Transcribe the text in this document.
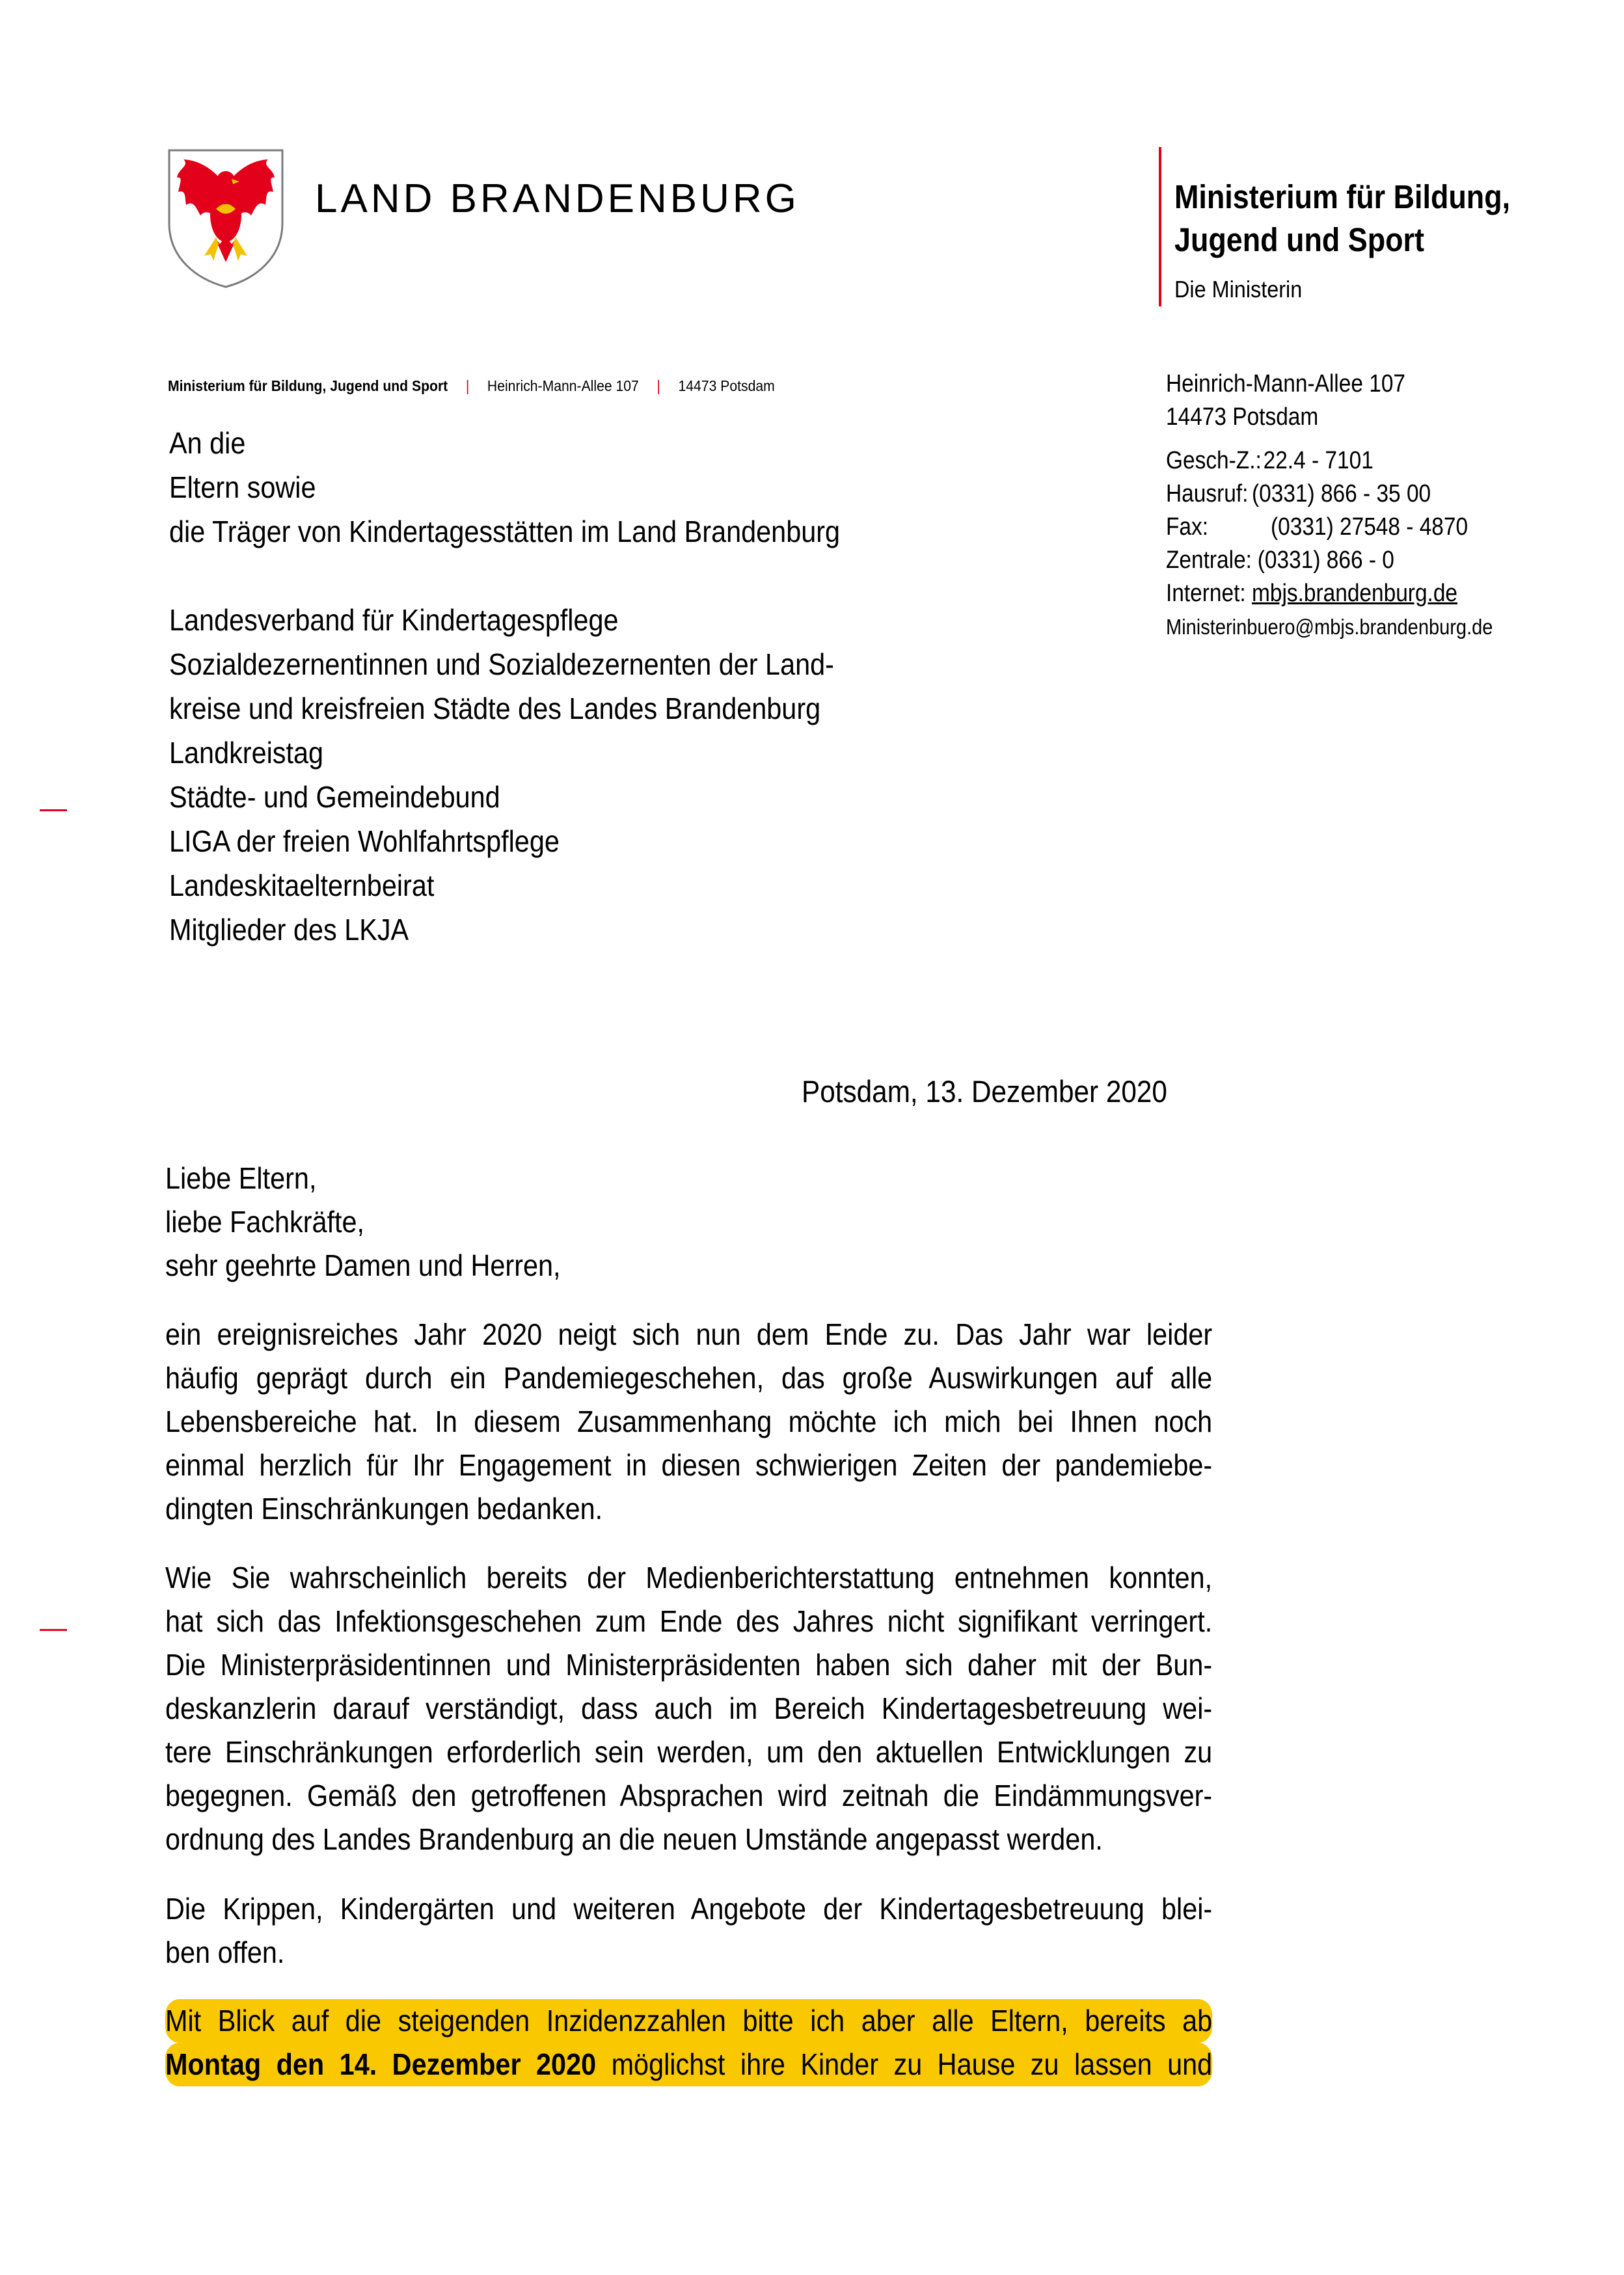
LAND BRANDENBURG	Ministerium für Bildung,
Jugend und Sport
Die Ministerin
Ministerium für Bildung, Jugend und Sport | Heinrich-Mann-Allee 107 | 14473 Potsdam
An die
Eltern sowie
die Träger von Kindertagesstätten im Land Brandenburg
Landesverband für Kindertagespflege
Sozialdezernentinnen und Sozialdezernenten der Land-
kreise und kreisfreien Städte des Landes Brandenburg
Landkreistag
Städte- und Gemeindebund
LIGA der freien Wohlfahrtspflege
Landeskitaelternbeirat
Mitglieder des LKJA
Heinrich-Mann-Allee 107
14473 Potsdam
Gesch-Z.: 22.4 - 7101
Hausruf: (0331) 866 - 35 00
Fax:	(0331) 27548 - 4870
Zentrale: (0331) 866 - 0
Internet: mbjs.brandenburg.de
Ministerinbuero@mbjs.brandenburg.de
Potsdam, 13. Dezember 2020
Liebe Eltern,
liebe Fachkräfte,
sehr geehrte Damen und Herren,
ein ereignisreiches Jahr 2020 neigt sich nun dem Ende zu. Das Jahr war leider
häufig geprägt durch ein Pandemiegeschehen, das große Auswirkungen auf alle
Lebensbereiche hat. In diesem Zusammenhang möchte ich mich bei Ihnen noch
einmal herzlich für Ihr Engagement in diesen schwierigen Zeiten der pandemiebe-
dingten Einschränkungen bedanken.
Wie Sie wahrscheinlich bereits der Medienberichterstattung entnehmen konnten,
hat sich das Infektionsgeschehen zum Ende des Jahres nicht signifikant verringert.
Die Ministerpräsidentinnen und Ministerpräsidenten haben sich daher mit der Bun-
deskanzlerin darauf verständigt, dass auch im Bereich Kindertagesbetreuung wei-
tere Einschränkungen erforderlich sein werden, um den aktuellen Entwicklungen zu
begegnen. Gemäß den getroffenen Absprachen wird zeitnah die Eindämmungsver-
ordnung des Landes Brandenburg an die neuen Umstände angepasst werden.
Die Krippen, Kindergärten und weiteren Angebote der Kindertagesbetreuung blei-
ben offen.
Mit Blick auf die steigenden Inzidenzzahlen bitte ich aber alle Eltern, bereits ab
Montag den 14. Dezember 2020 möglichst ihre Kinder zu Hause zu lassen und
